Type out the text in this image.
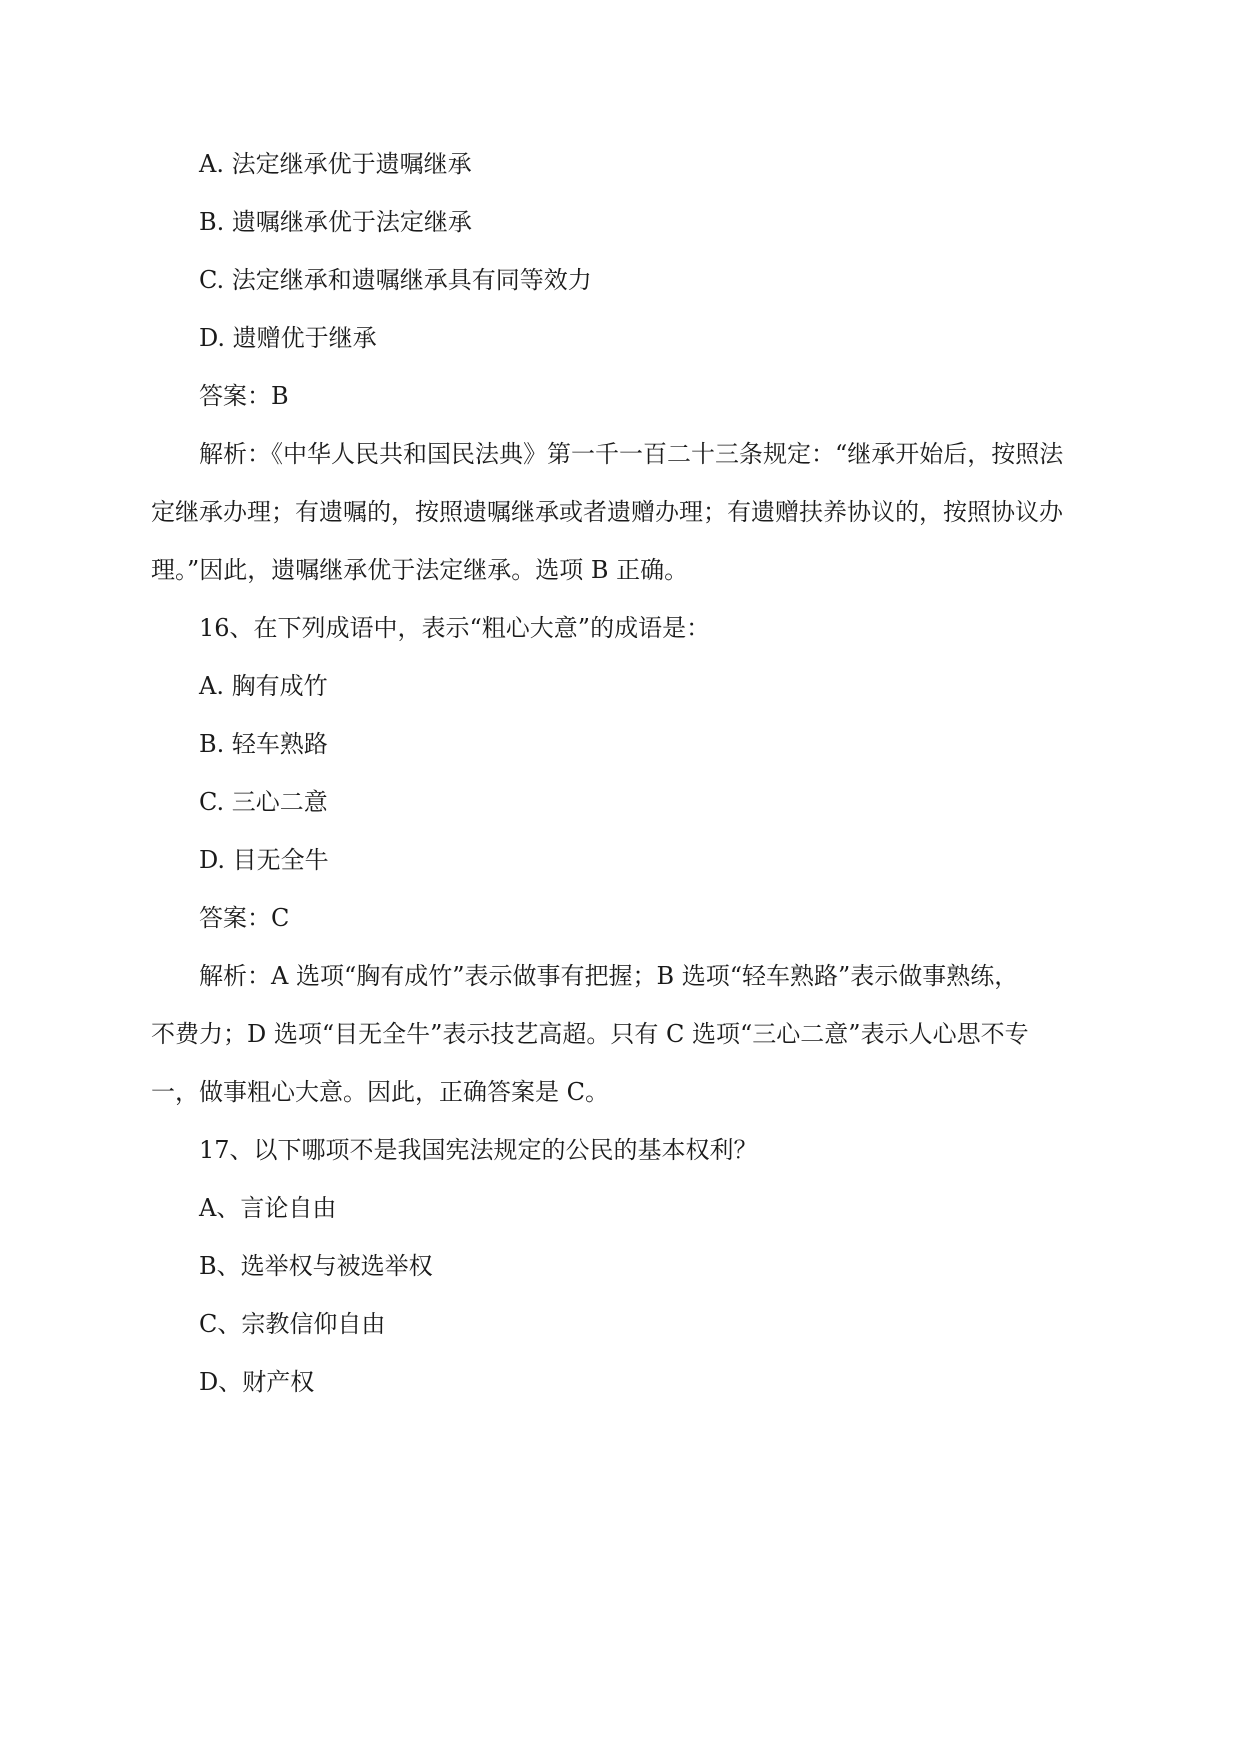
A. 法定继承优于遗嘱继承

B. 遗嘱继承优于法定继承

C. 法定继承和遗嘱继承具有同等效力

D. 遗赠优于继承

答案：B

解析：《中华人民共和国民法典》第一千一百二十三条规定：“继承开始后，按照法

定继承办理；有遗嘱的，按照遗嘱继承或者遗赠办理；有遗赠扶养协议的，按照协议办

理。”因此，遗嘱继承优于法定继承。选项 B 正确。

16、在下列成语中，表示“粗心大意”的成语是：

A. 胸有成竹

B. 轻车熟路

C. 三心二意

D. 目无全牛

答案：C

解析：A 选项“胸有成竹”表示做事有把握；B 选项“轻车熟路”表示做事熟练，

不费力；D 选项“目无全牛”表示技艺高超。只有 C 选项“三心二意”表示人心思不专

一，做事粗心大意。因此，正确答案是 C。

17、以下哪项不是我国宪法规定的公民的基本权利？

A、言论自由

B、选举权与被选举权

C、宗教信仰自由

D、财产权
